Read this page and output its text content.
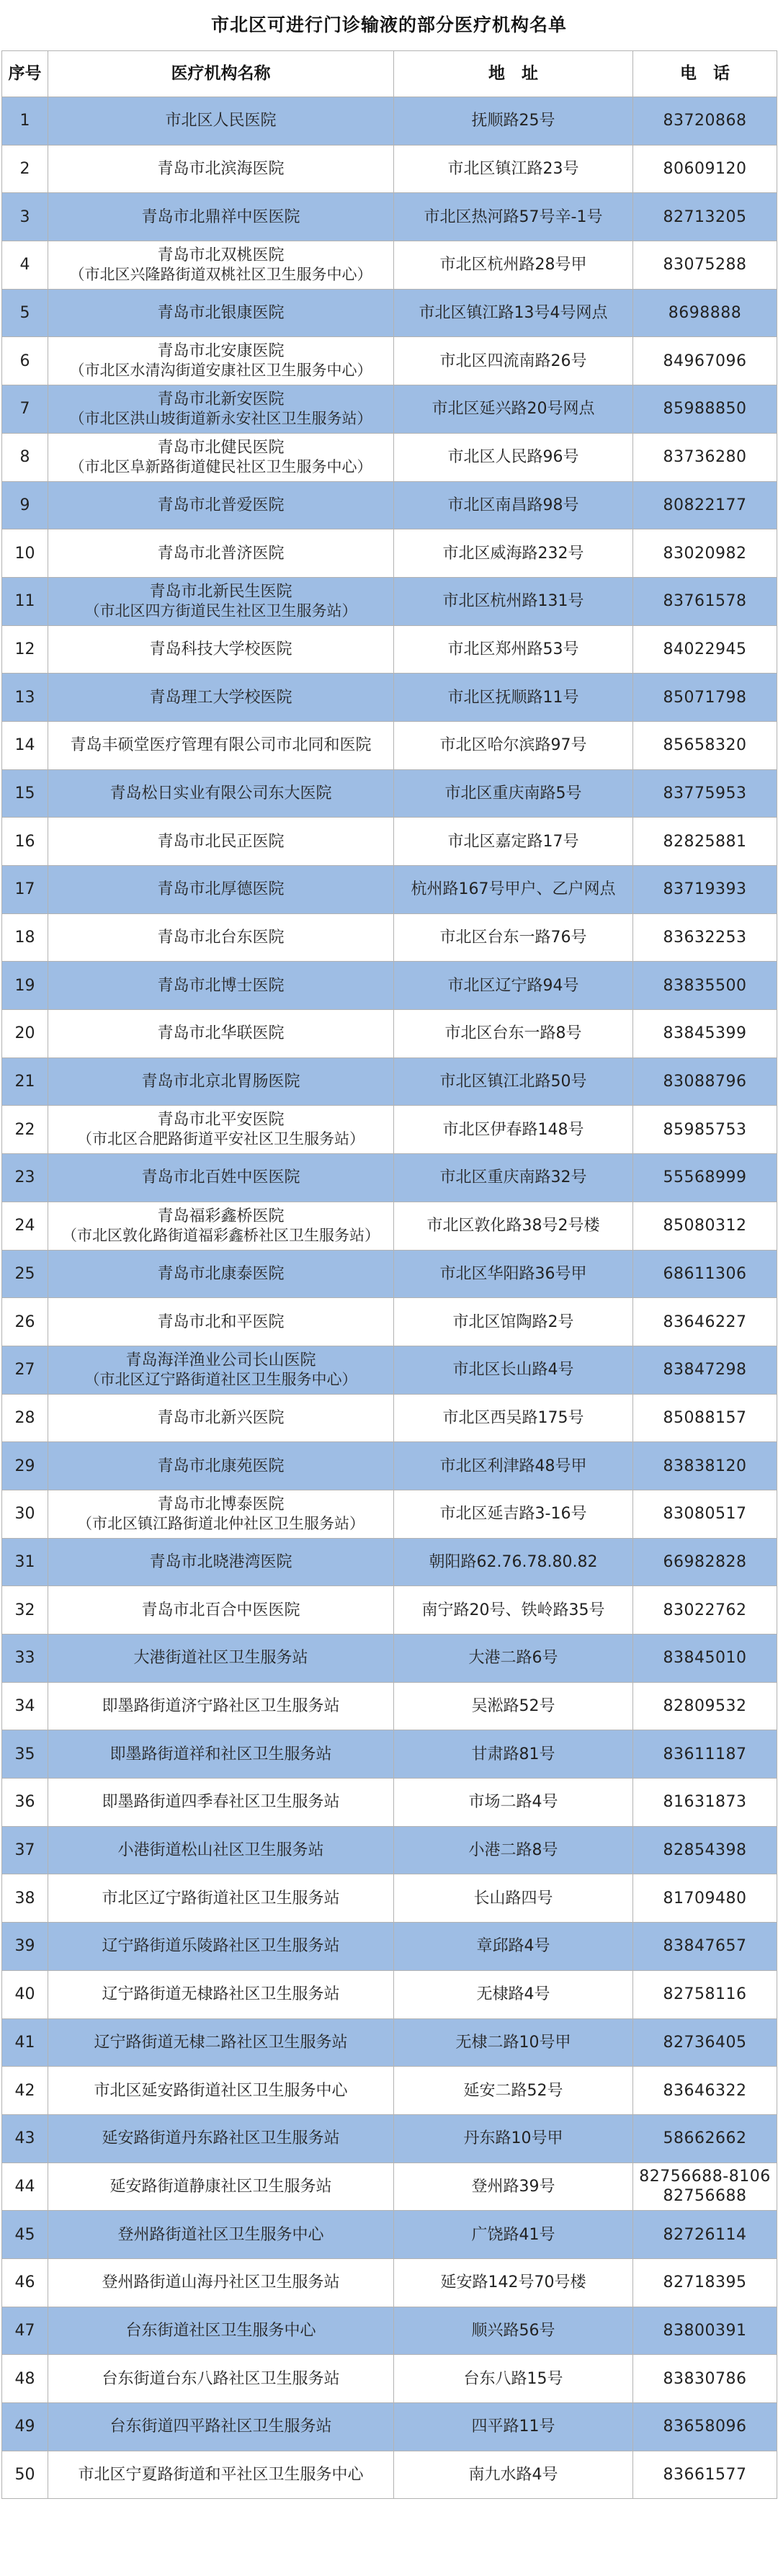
市北区可进行门诊输液的部分医疗机构名单
序号	医疗机构名称	地　址	电　话
1	市北区人民医院	抚顺路25号	83720868

2	青岛市北滨海医院	市北区镇江路23号	80609120

3	青岛市北鼎祥中医医院	市北区热河路57号辛-1号	82713205

4	青岛市北双桃医院
（市北区兴隆路街道双桃社区卫生服务中心）	市北区杭州路28号甲	83075288

5	青岛市北银康医院	市北区镇江路13号4号网点	8698888

6	青岛市北安康医院
（市北区水清沟街道安康社区卫生服务中心）	市北区四流南路26号	84967096

7	青岛市北新安医院
（市北区洪山坡街道新永安社区卫生服务站）	市北区延兴路20号网点	85988850

8	青岛市北健民医院
（市北区阜新路街道健民社区卫生服务中心）	市北区人民路96号	83736280

9	青岛市北普爱医院	市北区南昌路98号	80822177

10	青岛市北普济医院	市北区威海路232号	83020982

11	青岛市北新民生医院
（市北区四方街道民生社区卫生服务站）	市北区杭州路131号	83761578

12	青岛科技大学校医院	市北区郑州路53号	84022945

13	青岛理工大学校医院	市北区抚顺路11号	85071798

14	青岛丰硕堂医疗管理有限公司市北同和医院	市北区哈尔滨路97号	85658320

15	青岛松日实业有限公司东大医院	市北区重庆南路5号	83775953

16	青岛市北民正医院	市北区嘉定路17号	82825881

17	青岛市北厚德医院	杭州路167号甲户、乙户网点	83719393

18	青岛市北台东医院	市北区台东一路76号	83632253

19	青岛市北博士医院	市北区辽宁路94号	83835500

20	青岛市北华联医院	市北区台东一路8号	83845399

21	青岛市北京北胃肠医院	市北区镇江北路50号	83088796

22	青岛市北平安医院
（市北区合肥路街道平安社区卫生服务站）	市北区伊春路148号	85985753

23	青岛市北百姓中医医院	市北区重庆南路32号	55568999

24	青岛福彩鑫桥医院
（市北区敦化路街道福彩鑫桥社区卫生服务站）	市北区敦化路38号2号楼	85080312

25	青岛市北康泰医院	市北区华阳路36号甲	68611306

26	青岛市北和平医院	市北区馆陶路2号	83646227

27	青岛海洋渔业公司长山医院
（市北区辽宁路街道社区卫生服务中心）	市北区长山路4号	83847298

28	青岛市北新兴医院	市北区西吴路175号	85088157

29	青岛市北康苑医院	市北区利津路48号甲	83838120

30	青岛市北博泰医院
（市北区镇江路街道北仲社区卫生服务站）	市北区延吉路3-16号	83080517

31	青岛市北晓港湾医院	朝阳路62.76.78.80.82	66982828

32	青岛市北百合中医医院	南宁路20号、铁岭路35号	83022762

33	大港街道社区卫生服务站	大港二路6号	83845010

34	即墨路街道济宁路社区卫生服务站	吴淞路52号	82809532

35	即墨路街道祥和社区卫生服务站	甘肃路81号	83611187

36	即墨路街道四季春社区卫生服务站	市场二路4号	81631873

37	小港街道松山社区卫生服务站	小港二路8号	82854398

38	市北区辽宁路街道社区卫生服务站	长山路四号	81709480

39	辽宁路街道乐陵路社区卫生服务站	章邱路4号	83847657

40	辽宁路街道无棣路社区卫生服务站	无棣路4号	82758116

41	辽宁路街道无棣二路社区卫生服务站	无棣二路10号甲	82736405

42	市北区延安路街道社区卫生服务中心	延安二路52号	83646322

43	延安路街道丹东路社区卫生服务站	丹东路10号甲	58662662

44	延安路街道静康社区卫生服务站	登州路39号	82756688-8106
82756688

45	登州路街道社区卫生服务中心	广饶路41号	82726114

46	登州路街道山海丹社区卫生服务站	延安路142号70号楼	82718395

47	台东街道社区卫生服务中心	顺兴路56号	83800391

48	台东街道台东八路社区卫生服务站	台东八路15号	83830786

49	台东街道四平路社区卫生服务站	四平路11号	83658096

50	市北区宁夏路街道和平社区卫生服务中心	南九水路4号	83661577
